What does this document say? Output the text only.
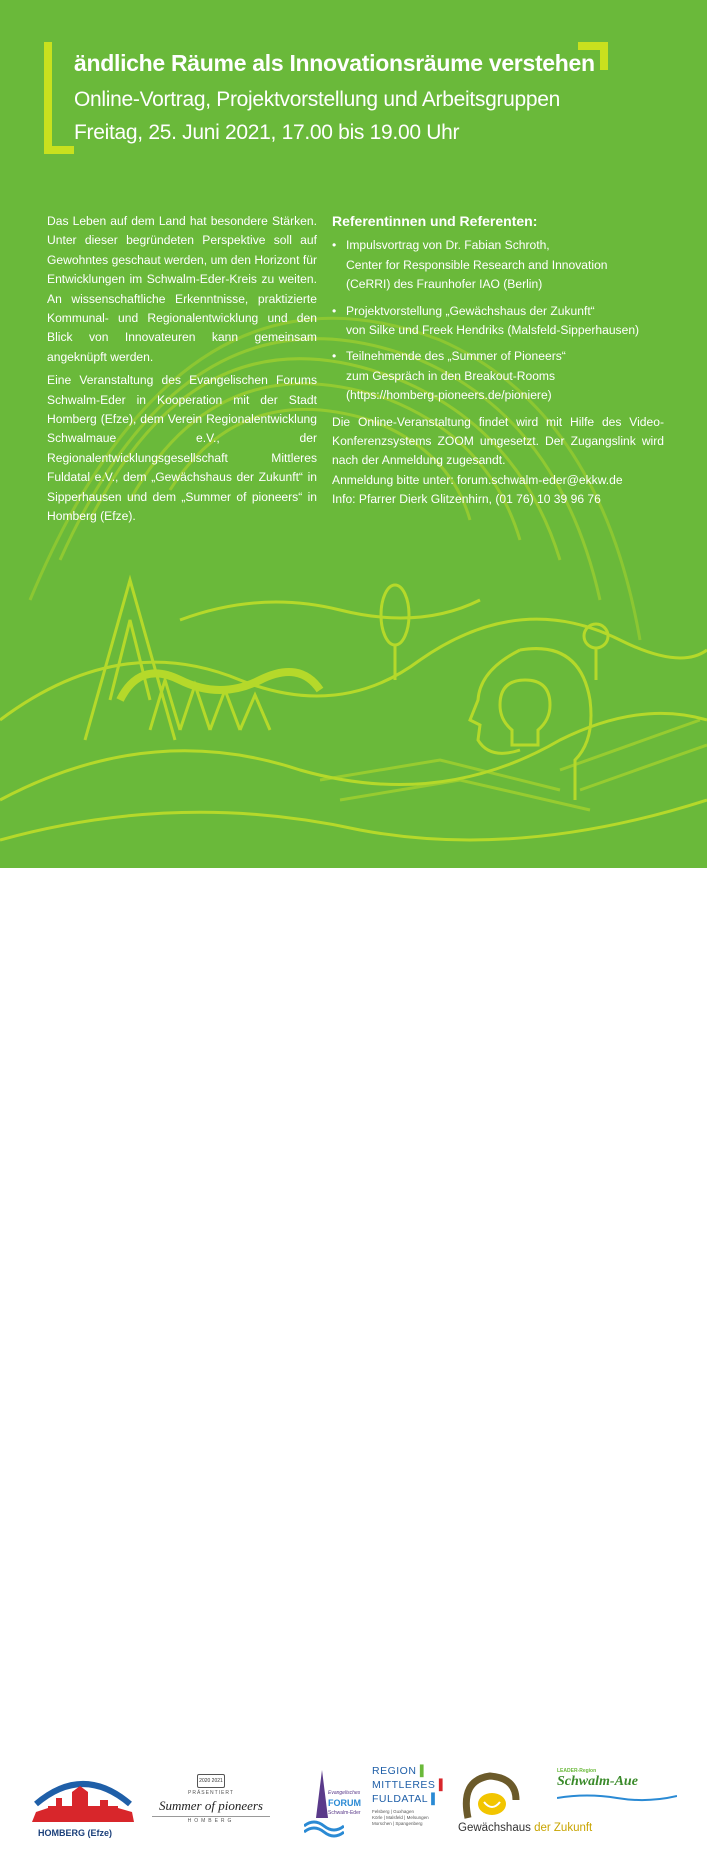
ändliche Räume als Innovationsräume verstehen
Online-Vortrag, Projektvorstellung und Arbeitsgruppen
Freitag, 25. Juni 2021, 17.00 bis 19.00 Uhr

Das Leben auf dem Land hat besondere Stärken. Unter dieser begründeten Perspektive soll auf Gewohntes geschaut werden, um den Horizont für Entwicklungen im Schwalm-Eder-Kreis zu weiten. An wissenschaftliche Erkenntnisse, praktizierte Kommunal- und Regionalentwicklung und den Blick von Innovateuren kann gemeinsam angeknüpft werden.

Eine Veranstaltung des Evangelischen Forums Schwalm-Eder in Kooperation mit der Stadt Homberg (Efze), dem Verein Regionalentwicklung Schwalmaue e.V., der Regionalentwicklungsgesellschaft Mittleres Fuldatal e.V., dem „Gewächshaus der Zukunft“ in Sipperhausen und dem „Summer of pioneers“ in Homberg (Efze).

Referentinnen und Referenten:
• Impulsvortrag von Dr. Fabian Schroth,
Center for Responsible Research and Innovation
(CeRRI) des Fraunhofer IAO (Berlin)
• Projektvorstellung „Gewächshaus der Zukunft“
von Silke und Freek Hendriks (Malsfeld-Sipperhausen)
• Teilnehmende des „Summer of Pioneers“
zum Gespräch in den Breakout-Rooms
(https://homberg-pioneers.de/pioniere)
Die Online-Veranstaltung findet wird mit Hilfe des Video-Konferenzsystems ZOOM umgesetzt. Der Zugangslink wird nach der Anmeldung zugesandt.
Anmeldung bitte unter: forum.schwalm-eder@ekkw.de
Info: Pfarrer Dierk Glitzenhirn, (01 76) 10 39 96 76
HOMBERG (Efze)
2020 2021
PRÄSENTIERT
Summer of pioneers
HOMBERG
Evangelisches
FORUM
Schwalm-Eder
REGION ▌
MITTLERES ▌
FULDATAL ▌
Felsberg | Guxhagen
Körle | Malsfeld | Melsungen
Morschen | Spangenberg	Gewächshaus der Zukunft
LEADER-Region
Schwalm-Aue
